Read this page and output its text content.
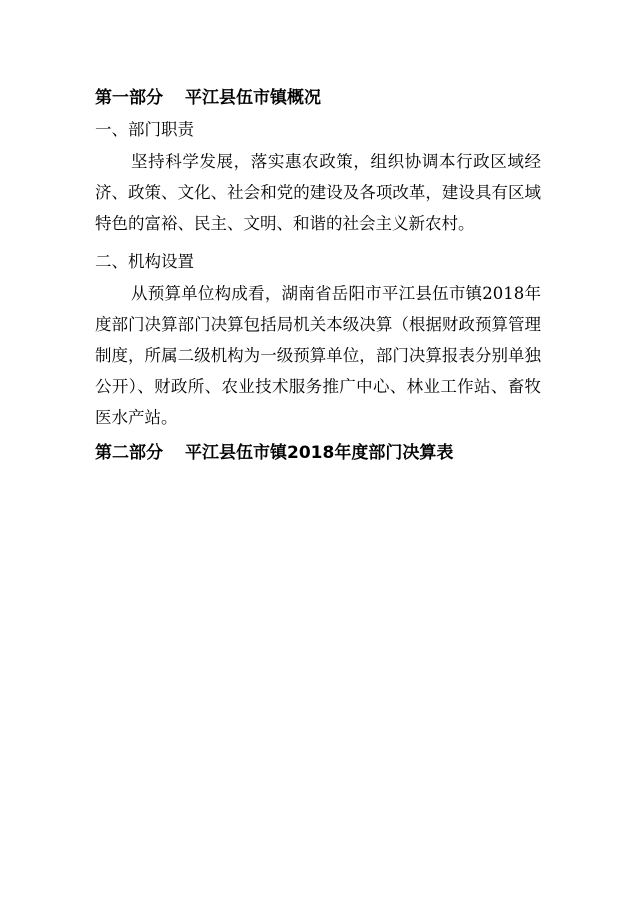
第一部分 平江县伍市镇概况
一、部门职责
坚持科学发展，落实惠农政策，组织协调本行政区域经济、政策、文化、社会和党的建设及各项改革，建设具有区域特色的富裕、民主、文明、和谐的社会主义新农村。
二、机构设置
从预算单位构成看，湖南省岳阳市平江县伍市镇2018年度部门决算部门决算包括局机关本级决算（根据财政预算管理制度，所属二级机构为一级预算单位，部门决算报表分别单独公开）、财政所、农业技术服务推广中心、林业工作站、畜牧医水产站。
第二部分 平江县伍市镇2018年度部门决算表
